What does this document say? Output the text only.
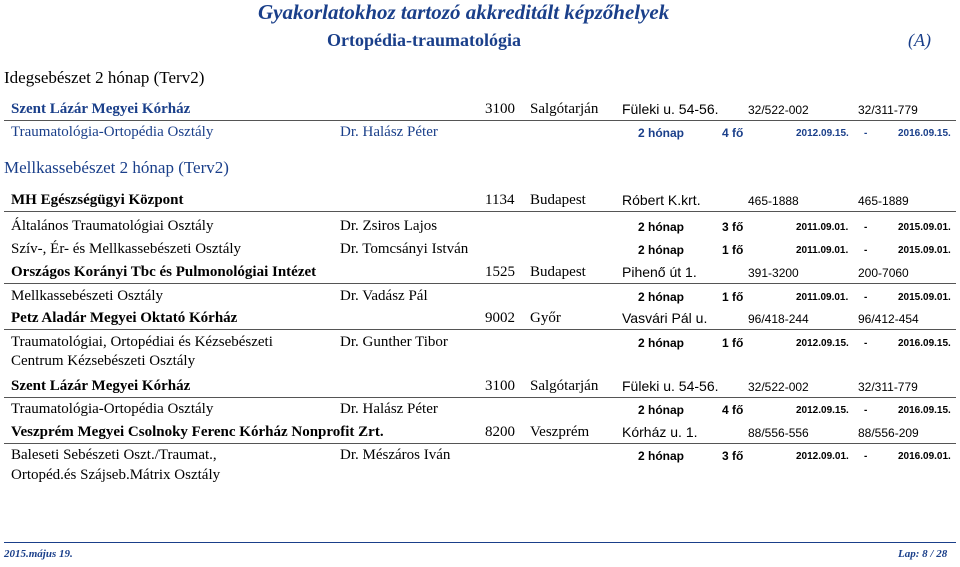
Gyakorlatokhoz tartozó akkreditált képzőhelyek
Ortopédia-traumatológia	(A)
Idegsebészet 2 hónap (Terv2)
Szent Lázár Megyei Kórház	3100 Salgótarján Füleki u. 54-56. 32/522-002	32/311-779
Traumatológia-Ortopédia Osztály	Dr. Halász Péter	2 hónap	4 fő	2012.09.15. -	2016.09.15.
Mellkassebészet 2 hónap (Terv2)
MH Egészségügyi Központ	1134 Budapest	Róbert K.krt.	465-1888	465-1889
Általános Traumatológiai Osztály	Dr. Zsiros Lajos	2 hónap	3 fő	2011.09.01. -	2015.09.01.
Szív-, Ér- és Mellkassebészeti Osztály	Dr. Tomcsányi István	2 hónap	1 fő	2011.09.01. -	2015.09.01.
Országos Korányi Tbc és Pulmonológiai Intézet	1525 Budapest	Pihenő út 1.	391-3200	200-7060
Mellkassebészeti Osztály	Dr. Vadász Pál	2 hónap	1 fő	2011.09.01. -	2015.09.01.
Petz Aladár Megyei Oktató Kórház	9002 Győr	Vasvári Pál u.	96/418-244	96/412-454
Traumatológiai, Ortopédiai és Kézsebészeti
Centrum Kézsebészeti Osztály
Dr. Gunther Tibor	2 hónap	1 fő	2012.09.15. -	2016.09.15.
Szent Lázár Megyei Kórház	3100 Salgótarján Füleki u. 54-56. 32/522-002	32/311-779
Traumatológia-Ortopédia Osztály	Dr. Halász Péter	2 hónap	4 fő	2012.09.15. -	2016.09.15.
Veszprém Megyei Csolnoky Ferenc Kórház Nonprofit Zrt.	8200 Veszprém Kórház u. 1.	88/556-556	88/556-209
Baleseti Sebészeti Oszt./Traumat.,
Ortopéd.és Szájseb.Mátrix Osztály
Dr. Mészáros Iván	2 hónap	3 fő	2012.09.01. -	2016.09.01.
2015.május 19.	Lap: 8 / 28
